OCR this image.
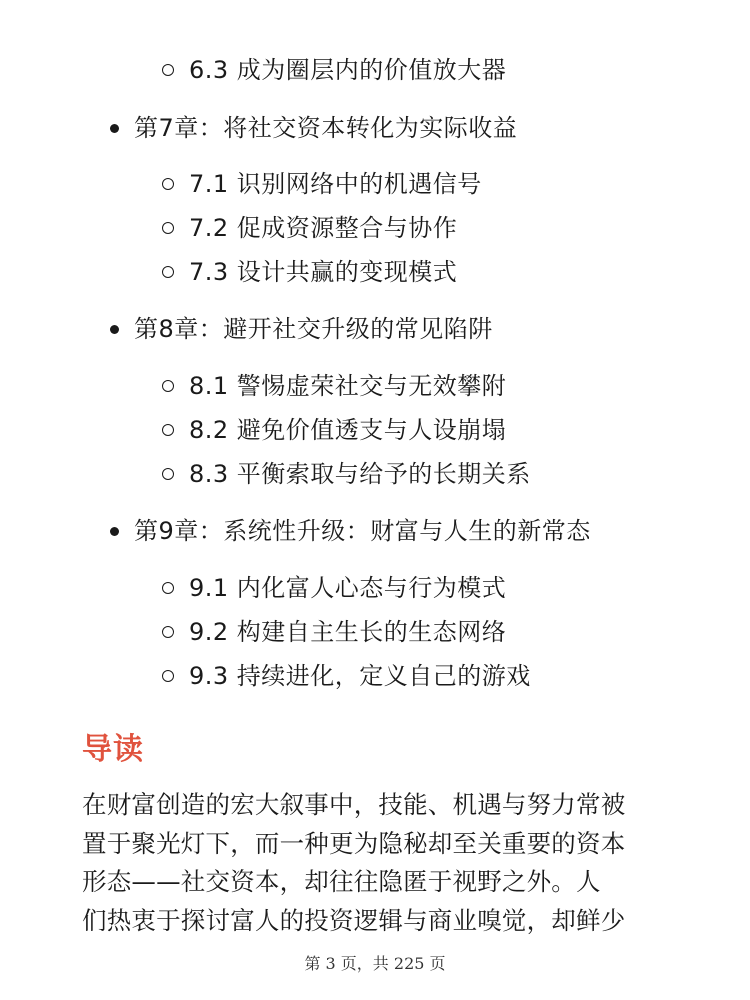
6.3 成为圈层内的价值放大器
第7章：将社交资本转化为实际收益
7.1 识别网络中的机遇信号
7.2 促成资源整合与协作
7.3 设计共赢的变现模式
第8章：避开社交升级的常见陷阱
8.1 警惕虚荣社交与无效攀附
8.2 避免价值透支与人设崩塌
8.3 平衡索取与给予的长期关系
第9章：系统性升级：财富与人生的新常态
9.1 内化富人心态与行为模式
9.2 构建自主生长的生态网络
9.3 持续进化，定义自己的游戏
导读
在财富创造的宏大叙事中，技能、机遇与努力常被
置于聚光灯下，而一种更为隐秘却至关重要的资本
形态——社交资本，却往往隐匿于视野之外。人
们热衷于探讨富人的投资逻辑与商业嗅觉，却鲜少
第 3 页，共 225 页
